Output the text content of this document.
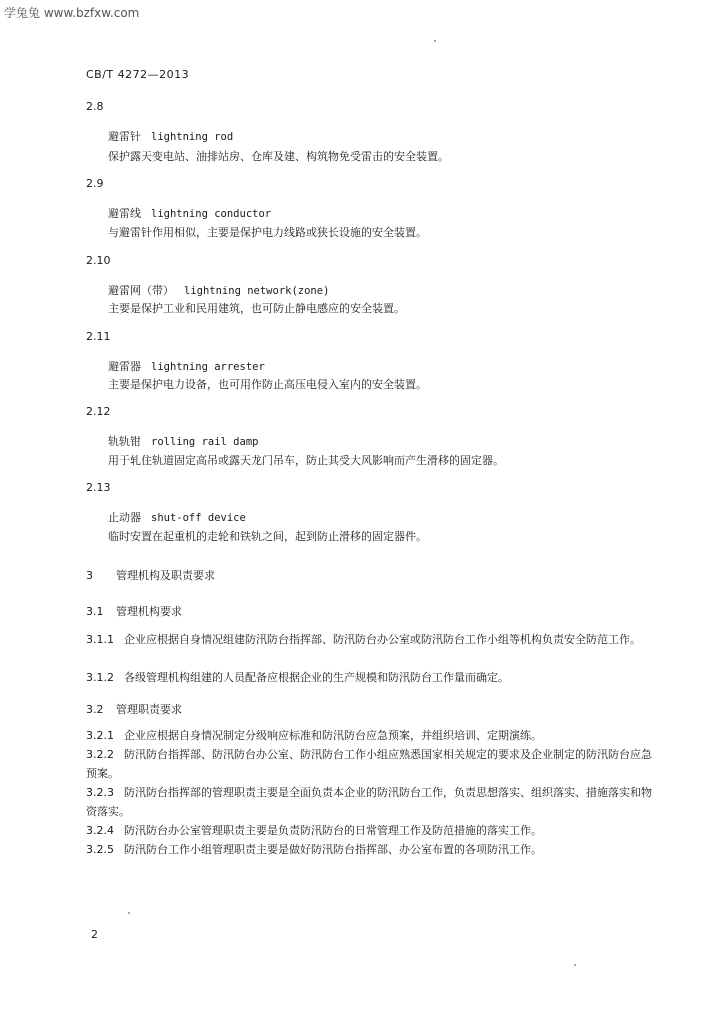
学兔兔 www.bzfxw.com
CB/T 4272—2013
2.8
避雷针 lightning rod
保护露天变电站、油排站房、仓库及建、构筑物免受雷击的安全装置。
2.9
避雷线 lightning conductor
与避雷针作用相似，主要是保护电力线路或狭长设施的安全装置。
2.10
避雷网（带） lightning network(zone)
主要是保护工业和民用建筑，也可防止静电感应的安全装置。
2.11
避雷器 lightning arrester
主要是保护电力设备，也可用作防止高压电侵入室内的安全装置。
2.12
轨轨钳 rolling rail damp
用于轧住轨道固定高吊或露天龙门吊车，防止其受大风影响而产生滑移的固定器。
2.13
止动器 shut-off device
临时安置在起重机的走轮和铁轨之间，起到防止滑移的固定器件。
3 管理机构及职责要求
3.1 管理机构要求
3.1.1 企业应根据自身情况组建防汛防台指挥部、防汛防台办公室或防汛防台工作小组等机构负责安全防范工作。
3.1.2 各级管理机构组建的人员配备应根据企业的生产规模和防汛防台工作量而确定。
3.2 管理职责要求
3.2.1 企业应根据自身情况制定分级响应标准和防汛防台应急预案，并组织培训、定期演练。
3.2.2 防汛防台指挥部、防汛防台办公室、防汛防台工作小组应熟悉国家相关规定的要求及企业制定的防汛防台应急预案。
3.2.3 防汛防台指挥部的管理职责主要是全面负责本企业的防汛防台工作，负责思想落实、组织落实、措施落实和物资落实。
3.2.4 防汛防台办公室管理职责主要是负责防汛防台的日常管理工作及防范措施的落实工作。
3.2.5 防汛防台工作小组管理职责主要是做好防汛防台指挥部、办公室布置的各项防汛工作。
2
